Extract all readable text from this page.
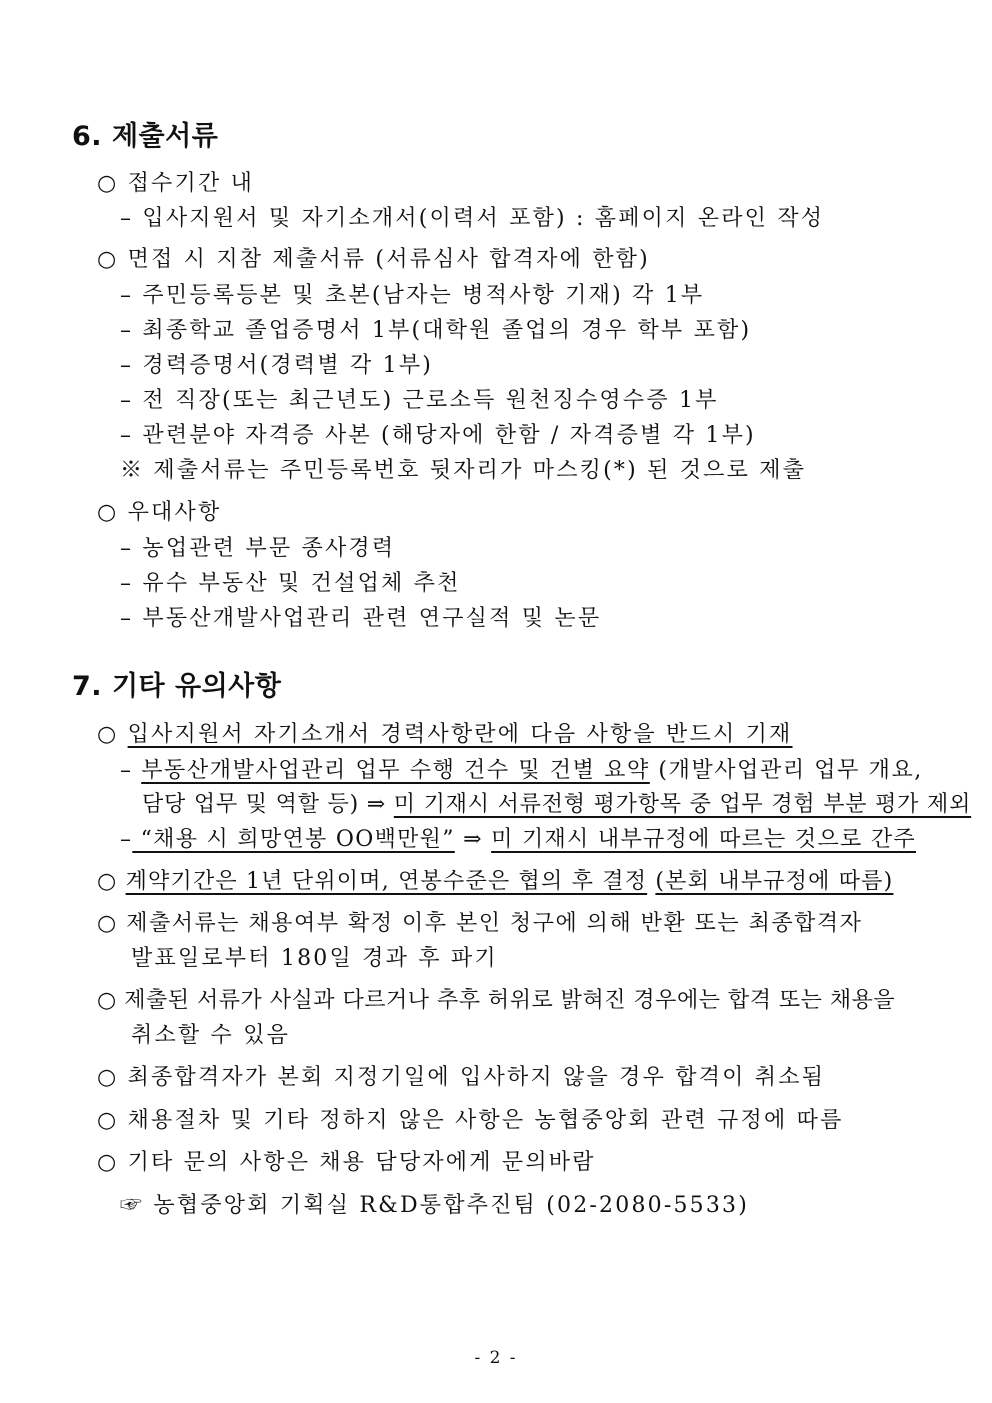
6. 제출서류
○ 접수기간 내
– 입사지원서 및 자기소개서(이력서 포함) : 홈페이지 온라인 작성
○ 면접 시 지참 제출서류 (서류심사 합격자에 한함)
– 주민등록등본 및 초본(남자는 병적사항 기재) 각 1부
– 최종학교 졸업증명서 1부(대학원 졸업의 경우 학부 포함)
– 경력증명서(경력별 각 1부)
– 전 직장(또는 최근년도) 근로소득 원천징수영수증 1부
– 관련분야 자격증 사본 (해당자에 한함 / 자격증별 각 1부)
※ 제출서류는 주민등록번호 뒷자리가 마스킹(*) 된 것으로 제출
○ 우대사항
– 농업관련 부문 종사경력
– 유수 부동산 및 건설업체 추천
– 부동산개발사업관리 관련 연구실적 및 논문
7. 기타 유의사항
○ 입사지원서 자기소개서 경력사항란에 다음 사항을 반드시 기재
– 부동산개발사업관리 업무 수행 건수 및 건별 요약 (개발사업관리 업무 개요,
담당 업무 및 역할 등) ⇒ 미 기재시 서류전형 평가항목 중 업무 경험 부분 평가 제외
– “채용 시 희망연봉 OO백만원” ⇒ 미 기재시 내부규정에 따르는 것으로 간주
○ 계약기간은 1년 단위이며, 연봉수준은 협의 후 결정 (본회 내부규정에 따름)
○ 제출서류는 채용여부 확정 이후 본인 청구에 의해 반환 또는 최종합격자
발표일로부터 180일 경과 후 파기
○ 제출된 서류가 사실과 다르거나 추후 허위로 밝혀진 경우에는 합격 또는 채용을
취소할 수 있음
○ 최종합격자가 본회 지정기일에 입사하지 않을 경우 합격이 취소됨
○ 채용절차 및 기타 정하지 않은 사항은 농협중앙회 관련 규정에 따름
○ 기타 문의 사항은 채용 담당자에게 문의바람
☞ 농협중앙회 기획실 R&D통합추진팀 (02-2080-5533)
- 2 -
